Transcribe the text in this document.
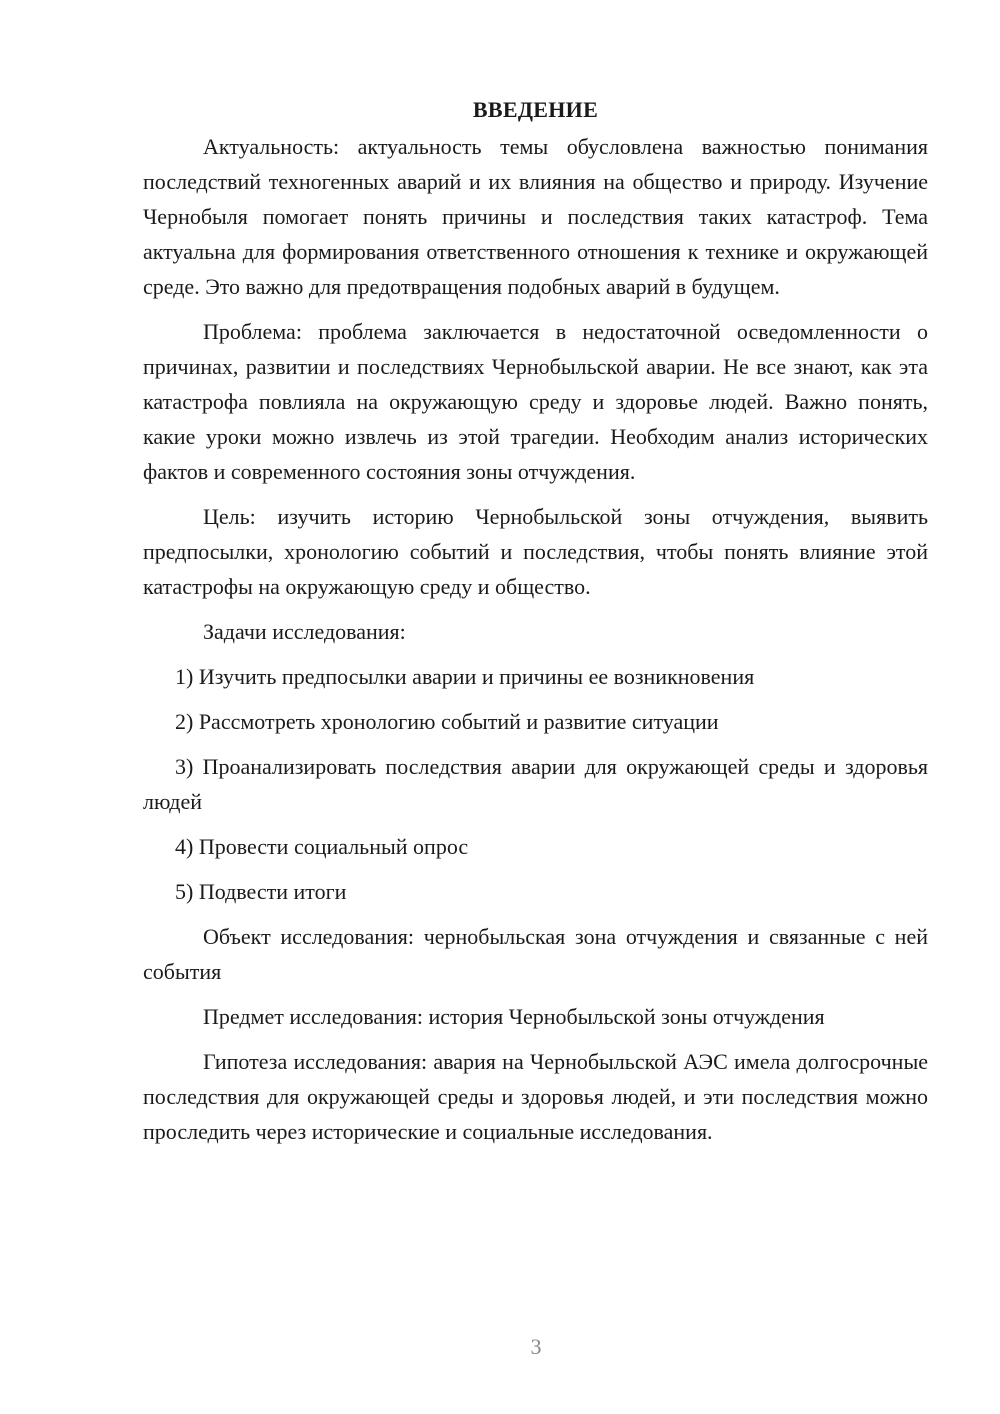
ВВЕДЕНИЕ

Актуальность: актуальность темы обусловлена важностью понимания последствий техногенных аварий и их влияния на общество и природу. Изучение Чернобыля помогает понять причины и последствия таких катастроф. Тема актуальна для формирования ответственного отношения к технике и окружающей среде. Это важно для предотвращения подобных аварий в будущем.

Проблема: проблема заключается в недостаточной осведомленности о причинах, развитии и последствиях Чернобыльской аварии. Не все знают, как эта катастрофа повлияла на окружающую среду и здоровье людей. Важно понять, какие уроки можно извлечь из этой трагедии. Необходим анализ исторических фактов и современного состояния зоны отчуждения.

Цель: изучить историю Чернобыльской зоны отчуждения, выявить предпосылки, хронологию событий и последствия, чтобы понять влияние этой катастрофы на окружающую среду и общество.

Задачи исследования:

1) Изучить предпосылки аварии и причины ее возникновения

2) Рассмотреть хронологию событий и развитие ситуации

3) Проанализировать последствия аварии для окружающей среды и здоровья людей

4) Провести социальный опрос

5) Подвести итоги

Объект исследования: чернобыльская зона отчуждения и связанные с ней события

Предмет исследования: история Чернобыльской зоны отчуждения

Гипотеза исследования: авария на Чернобыльской АЭС имела долгосрочные последствия для окружающей среды и здоровья людей, и эти последствия можно проследить через исторические и социальные исследования.

3
